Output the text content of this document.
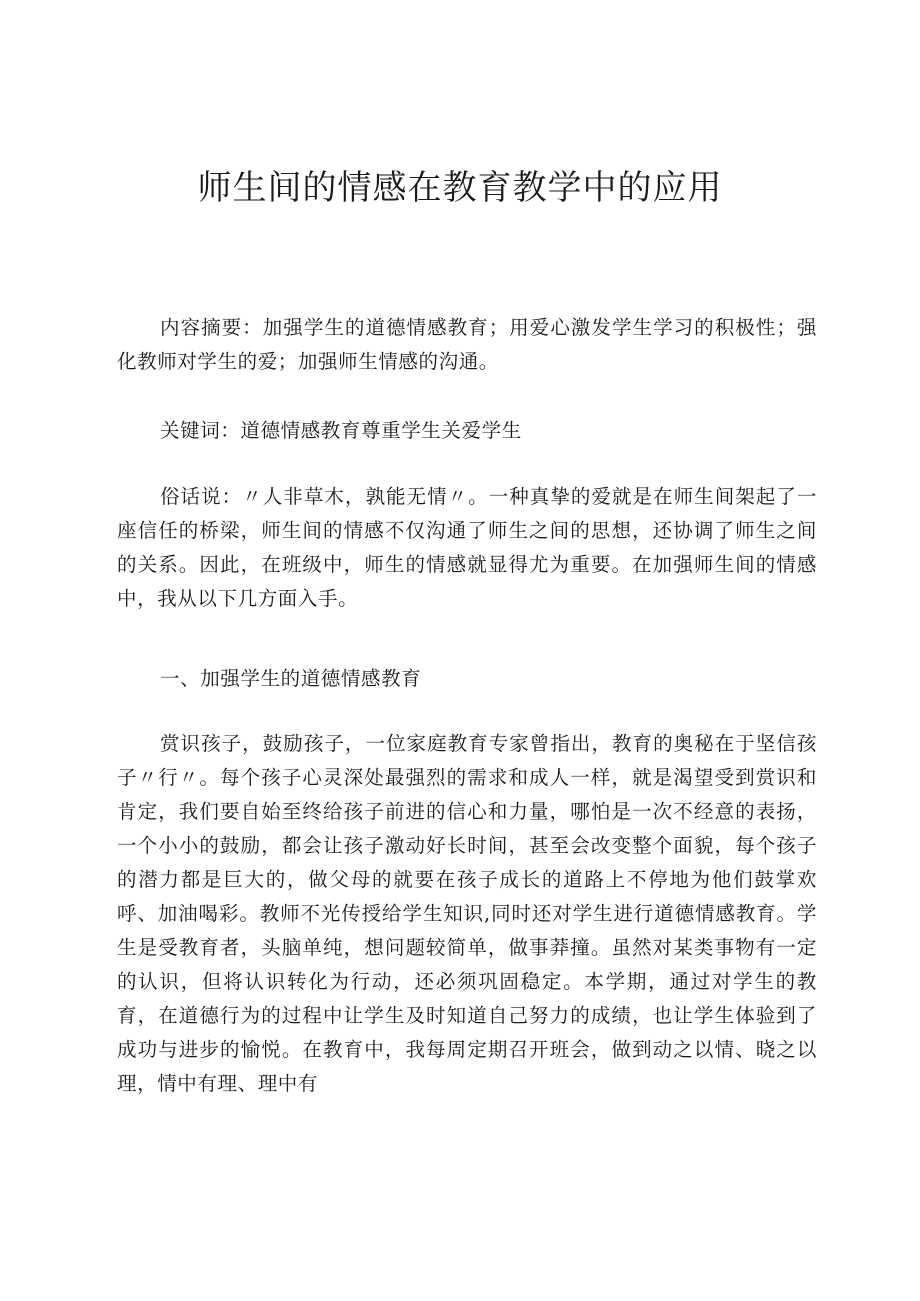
师生间的情感在教育教学中的应用

内容摘要：加强学生的道德情感教育；用爱心激发学生学习的积极性；强化教师对学生的爱；加强师生情感的沟通。

关键词：道德情感教育尊重学生关爱学生

俗话说：〃人非草木，孰能无情〃。一种真挚的爱就是在师生间架起了一座信任的桥梁，师生间的情感不仅沟通了师生之间的思想，还协调了师生之间的关系。因此，在班级中，师生的情感就显得尤为重要。在加强师生间的情感中，我从以下几方面入手。

一、加强学生的道德情感教育

赏识孩子，鼓励孩子，一位家庭教育专家曾指出，教育的奥秘在于坚信孩子〃行〃。每个孩子心灵深处最强烈的需求和成人一样，就是渴望受到赏识和肯定，我们要自始至终给孩子前进的信心和力量，哪怕是一次不经意的表扬，一个小小的鼓励，都会让孩子激动好长时间，甚至会改变整个面貌，每个孩子的潜力都是巨大的，做父母的就要在孩子成长的道路上不停地为他们鼓掌欢呼、加油喝彩。教师不光传授给学生知识,同时还对学生进行道德情感教育。学生是受教育者，头脑单纯，想问题较简单，做事莽撞。虽然对某类事物有一定的认识，但将认识转化为行动，还必须巩固稳定。本学期，通过对学生的教育，在道德行为的过程中让学生及时知道自己努力的成绩，也让学生体验到了成功与进步的愉悦。在教育中，我每周定期召开班会，做到动之以情、晓之以理，情中有理、理中有
